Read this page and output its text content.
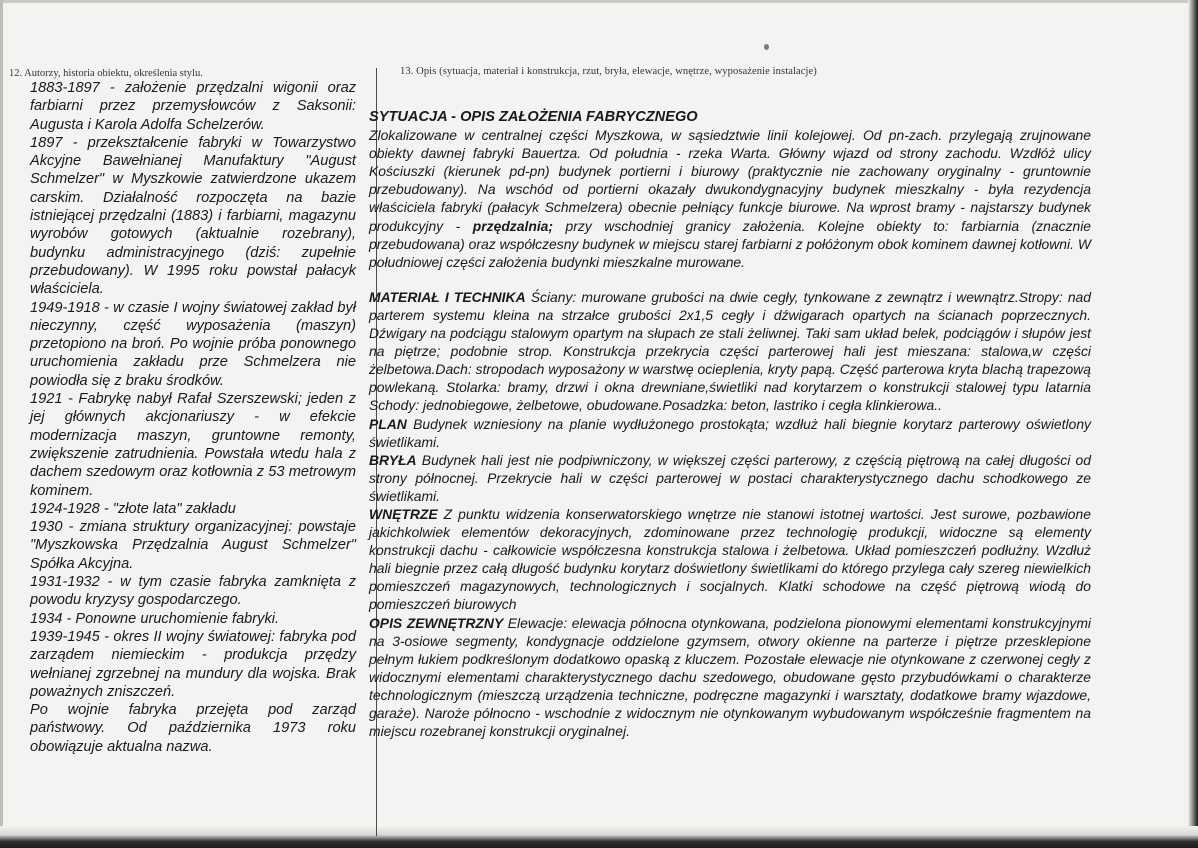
12. Autorzy, historia obiektu, określenia stylu.	13. Opis (sytuacja, materiał i konstrukcja, rzut, bryła, elewacje, wnętrze, wyposażenie instalacje)

1883-1897 - założenie przędzalni wigonii oraz farbiarni przez przemysłowców z Saksonii: Augusta i Karola Adolfa Schelzerów.

1897 - przekształcenie fabryki w Towarzystwo Akcyjne Bawełnianej Manufaktury "August Schmelzer" w Myszkowie zatwierdzone ukazem carskim. Działalność rozpoczęta na bazie istniejącej przędzalni (1883) i farbiarni, magazynu wyrobów gotowych (aktualnie rozebrany), budynku administracyjnego (dziś: zupełnie przebudowany). W 1995 roku powstał pałacyk właściciela.

1949-1918 - w czasie I wojny światowej zakład był nieczynny, część wyposażenia (maszyn) przetopiono na broń. Po wojnie próba ponownego uruchomienia zakładu prze Schmelzera nie powiodła się z braku środków.

1921 - Fabrykę nabył Rafał Szerszewski; jeden z jej głównych akcjonariuszy - w efekcie modernizacja maszyn, gruntowne remonty, zwiększenie zatrudnienia. Powstała wtedu hala z dachem szedowym oraz kotłownia z 53 metrowym kominem.

1924-1928 - "złote lata" zakładu

1930 - zmiana struktury organizacyjnej: powstaje "Myszkowska Przędzalnia August Schmelzer" Spółka Akcyjna.

1931-1932 - w tym czasie fabryka zamknięta z powodu kryzysy gospodarczego.

1934 - Ponowne uruchomienie fabryki.

1939-1945 - okres II wojny światowej: fabryka pod zarządem niemieckim - produkcja przędzy wełnianej zgrzebnej na mundury dla wojska. Brak poważnych zniszczeń.

Po wojnie fabryka przejęta pod zarząd państwowy. Od października 1973 roku obowiązuje aktualna nazwa.

SYTUACJA - OPIS ZAŁOŻENIA FABRYCZNEGO

Zlokalizowane w centralnej części Myszkowa, w sąsiedztwie linii kolejowej. Od pn-zach. przylegają zrujnowane obiekty dawnej fabryki Bauertza. Od południa - rzeka Warta. Główny wjazd od strony zachodu. Wzdłóż ulicy Kościuszki (kierunek pd-pn) budynek portierni i biurowy (praktycznie nie zachowany oryginalny - gruntownie przebudowany). Na wschód od portierni okazały dwukondygnacyjny budynek mieszkalny - była rezydencja właściciela fabryki (pałacyk Schmelzera) obecnie pełniący funkcje biurowe. Na wprost bramy - najstarszy budynek produkcyjny - przędzalnia; przy wschodniej granicy założenia. Kolejne obiekty to: farbiarnia (znacznie przebudowana) oraz współczesny budynek w miejscu starej farbiarni z połóżonym obok kominem dawnej kotłowni. W południowej części założenia budynki mieszkalne murowane.

MATERIAŁ I TECHNIKA Ściany: murowane grubości na dwie cegły, tynkowane z zewnątrz i wewnątrz.Stropy: nad parterem systemu kleina na strzałce grubości 2x1,5 cegły i dźwigarach opartych na ścianach poprzecznych. Dźwigary na podciągu stalowym opartym na słupach ze stali żeliwnej. Taki sam układ belek, podciągów i słupów jest na piętrze; podobnie strop. Konstrukcja przekrycia części parterowej hali jest mieszana: stalowa,w części żelbetowa.Dach: stropodach wyposażony w warstwę ocieplenia, kryty papą. Część parterowa kryta blachą trapezową powlekaną. Stolarka: bramy, drzwi i okna drewniane,świetliki nad korytarzem o konstrukcji stalowej typu latarnia Schody: jednobiegowe, żelbetowe, obudowane.Posadzka: beton, lastriko i cegła klinkierowa..

PLAN Budynek wzniesiony na planie wydłużonego prostokąta; wzdłuż hali biegnie korytarz parterowy oświetlony świetlikami.

BRYŁA Budynek hali jest nie podpiwniczony, w większej części parterowy, z częścią piętrową na całej długości od strony północnej. Przekrycie hali w części parterowej w postaci charakterystycznego dachu schodkowego ze świetlikami.

WNĘTRZE Z punktu widzenia konserwatorskiego wnętrze nie stanowi istotnej wartości. Jest surowe, pozbawione jakichkolwiek elementów dekoracyjnych, zdominowane przez technologię produkcji, widoczne są elementy konstrukcji dachu - całkowicie współczesna konstrukcja stalowa i żelbetowa. Układ pomieszczeń podłużny. Wzdłuż hali biegnie przez całą długość budynku korytarz doświetlony świetlikami do którego przylega cały szereg niewielkich pomieszczeń magazynowych, technologicznych i socjalnych. Klatki schodowe na część piętrową wiodą do pomieszczeń biurowych

OPIS ZEWNĘTRZNY Elewacje: elewacja północna otynkowana, podzielona pionowymi elementami konstrukcyjnymi na 3-osiowe segmenty, kondygnacje oddzielone gzymsem, otwory okienne na parterze i piętrze przesklepione pełnym łukiem podkreślonym dodatkowo opaską z kluczem. Pozostałe elewacje nie otynkowane z czerwonej cegły z widocznymi elementami charakterystycznego dachu szedowego, obudowane gęsto przybudówkami o charakterze technologicznym (mieszczą urządzenia techniczne, podręczne magazynki i warsztaty, dodatkowe bramy wjazdowe, garaże). Naroże północno - wschodnie z widocznym nie otynkowanym wybudowanym współcześnie fragmentem na miejscu rozebranej konstrukcji oryginalnej.
